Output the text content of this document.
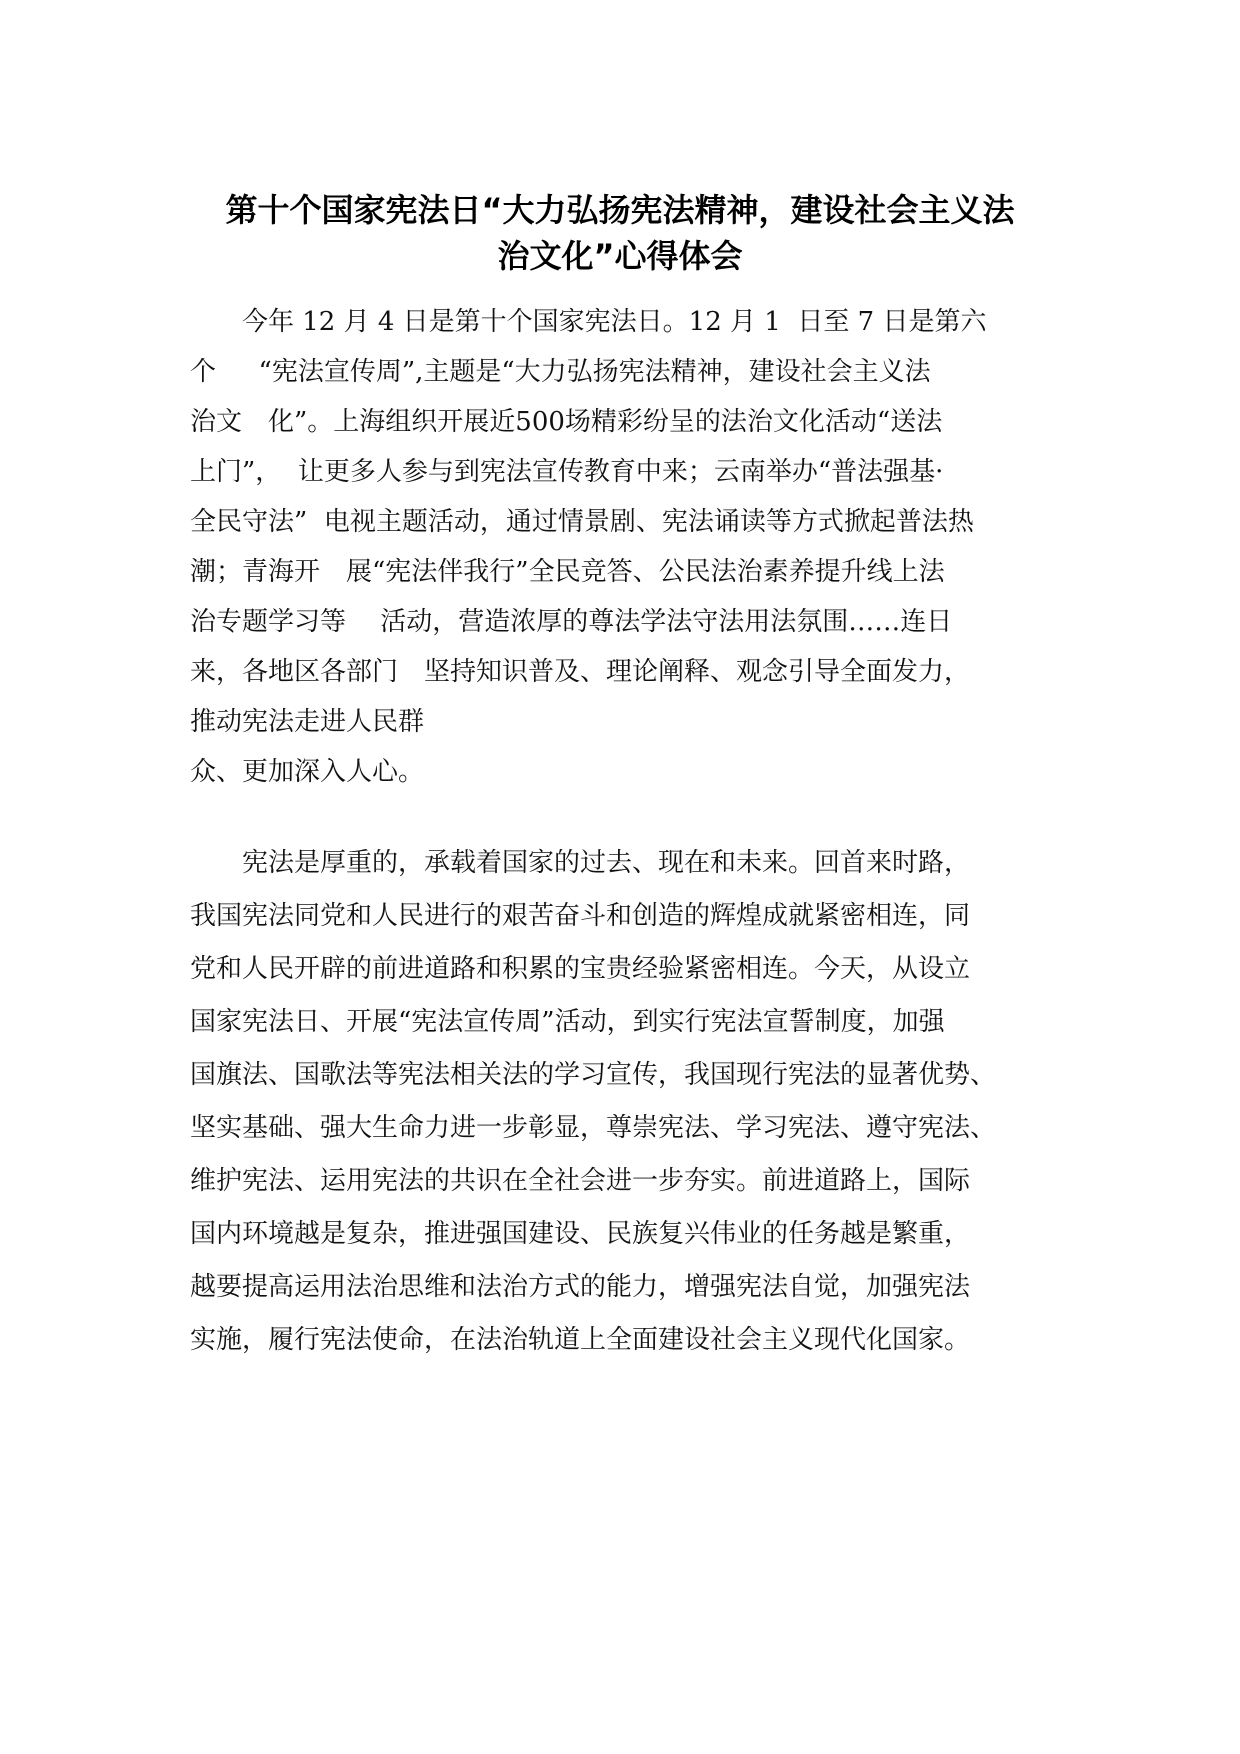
第十个国家宪法日“大力弘扬宪法精神，建设社会主义法
治文化”心得体会
　　今年 12 月 4 日是第十个国家宪法日。12 月 1  日至 7 日是第六
个　  “宪法宣传周”,主题是“大力弘扬宪法精神，建设社会主义法
治文　化”。上海组织开展近500场精彩纷呈的法治文化活动“送法
上门”，  让更多人参与到宪法宣传教育中来；云南举办“普法强基·
全民守法”  电视主题活动，通过情景剧、宪法诵读等方式掀起普法热
潮；青海开　展“宪法伴我行”全民竞答、公民法治素养提升线上法
治专题学习等　 活动，营造浓厚的尊法学法守法用法氛围……连日
来，各地区各部门　坚持知识普及、理论阐释、观念引导全面发力，
推动宪法走进人民群
众、更加深入人心。
　　宪法是厚重的，承载着国家的过去、现在和未来。回首来时路，
我国宪法同党和人民进行的艰苦奋斗和创造的辉煌成就紧密相连，同
党和人民开辟的前进道路和积累的宝贵经验紧密相连。今天，从设立
国家宪法日、开展“宪法宣传周”活动，到实行宪法宣誓制度，加强
国旗法、国歌法等宪法相关法的学习宣传，我国现行宪法的显著优势、
坚实基础、强大生命力进一步彰显，尊崇宪法、学习宪法、遵守宪法、
维护宪法、运用宪法的共识在全社会进一步夯实。前进道路上，国际
国内环境越是复杂，推进强国建设、民族复兴伟业的任务越是繁重，
越要提高运用法治思维和法治方式的能力，增强宪法自觉，加强宪法
实施，履行宪法使命，在法治轨道上全面建设社会主义现代化国家。
